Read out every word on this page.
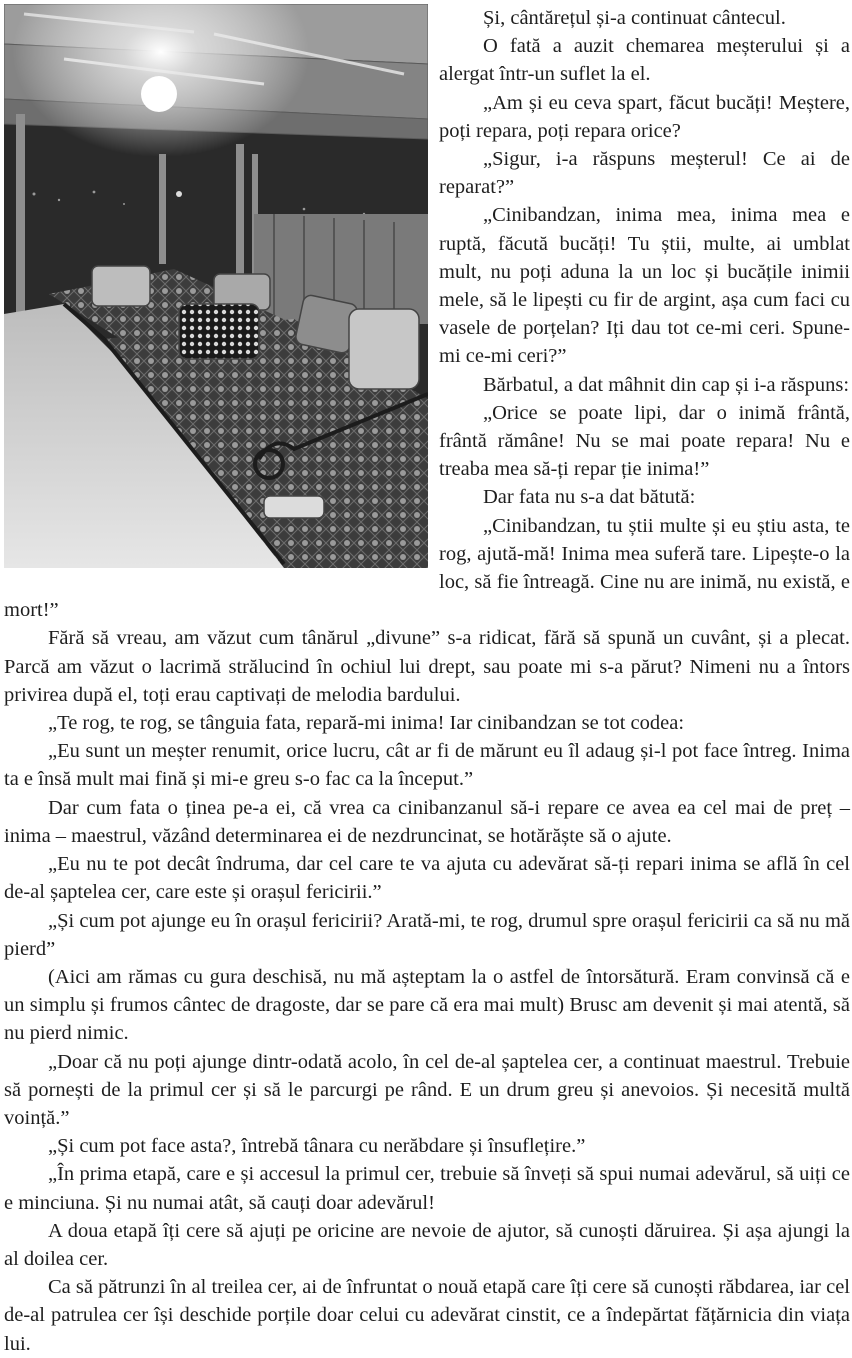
Și, cântărețul și-a continuat cântecul.

O fată a auzit chemarea meșterului și a alergat într-un suflet la el.

„Am și eu ceva spart, făcut bucăți! Meștere, poți repara, poți repara orice?

„Sigur, i-a răspuns meșterul! Ce ai de reparat?”

„Cinibandzan, inima mea, inima mea e ruptă, făcută bucăți! Tu știi, multe, ai umblat mult, nu poți aduna la un loc și bucățile inimii mele, să le lipești cu fir de argint, așa cum faci cu vasele de porțelan? Iți dau tot ce-mi ceri. Spune-mi ce-mi ceri?”

Bărbatul, a dat mâhnit din cap și i-a răspuns:

„Orice se poate lipi, dar o inimă frântă, frântă rămâne! Nu se mai poate repara! Nu e treaba mea să-ți repar ție inima!”

Dar fata nu s-a dat bătută:

„Cinibandzan, tu știi multe și eu știu asta, te rog, ajută-mă! Inima mea suferă tare. Lipește-o la loc, să fie întreagă. Cine nu are inimă, nu există, e mort!”

Fără să vreau, am văzut cum tânărul „divune” s-a ridicat, fără să spună un cuvânt, și a plecat. Parcă am văzut o lacrimă strălucind în ochiul lui drept, sau poate mi s-a părut? Nimeni nu a întors privirea după el, toți erau captivați de melodia bardului.

„Te rog, te rog, se tânguia fata, repară-mi inima! Iar cinibandzan se tot codea:

„Eu sunt un meșter renumit, orice lucru, cât ar fi de mărunt eu îl adaug și-l pot face întreg. Inima ta e însă mult mai fină și mi-e greu s-o fac ca la început.”

Dar cum fata o ținea pe-a ei, că vrea ca cinibanzanul să-i repare ce avea ea cel mai de preț – inima – maestrul, văzând determinarea ei de nezdruncinat, se hotărăște să o ajute.

„Eu nu te pot decât îndruma, dar cel care te va ajuta cu adevărat să-ți repari inima se află în cel de-al șaptelea cer, care este și orașul fericirii.”

„Și cum pot ajunge eu în orașul fericirii? Arată-mi, te rog, drumul spre orașul fericirii ca să nu mă pierd”

(Aici am rămas cu gura deschisă, nu mă așteptam la o astfel de întorsătură. Eram convinsă că e un simplu și frumos cântec de dragoste, dar se pare că era mai mult) Brusc am devenit și mai atentă, să nu pierd nimic.

„Doar că nu poți ajunge dintr-odată acolo, în cel de-al șaptelea cer, a continuat maestrul. Trebuie să pornești de la primul cer și să le parcurgi pe rând. E un drum greu și anevoios. Și necesită multă voință.”

„Și cum pot face asta?, întrebă tânara cu nerăbdare și însuflețire.”

„În prima etapă, care e și accesul la primul cer, trebuie să înveți să spui numai adevărul, să uiți ce e minciuna. Și nu numai atât, să cauți doar adevărul!

A doua etapă îți cere să ajuți pe oricine are nevoie de ajutor, să cunoști dăruirea. Și așa ajungi la al doilea cer.

Ca să pătrunzi în al treilea cer, ai de înfruntat o nouă etapă care îți cere să cunoști răbdarea, iar cel de-al patrulea cer își deschide porțile doar celui cu adevărat cinstit, ce a îndepărtat fățărnicia din viața lui.
